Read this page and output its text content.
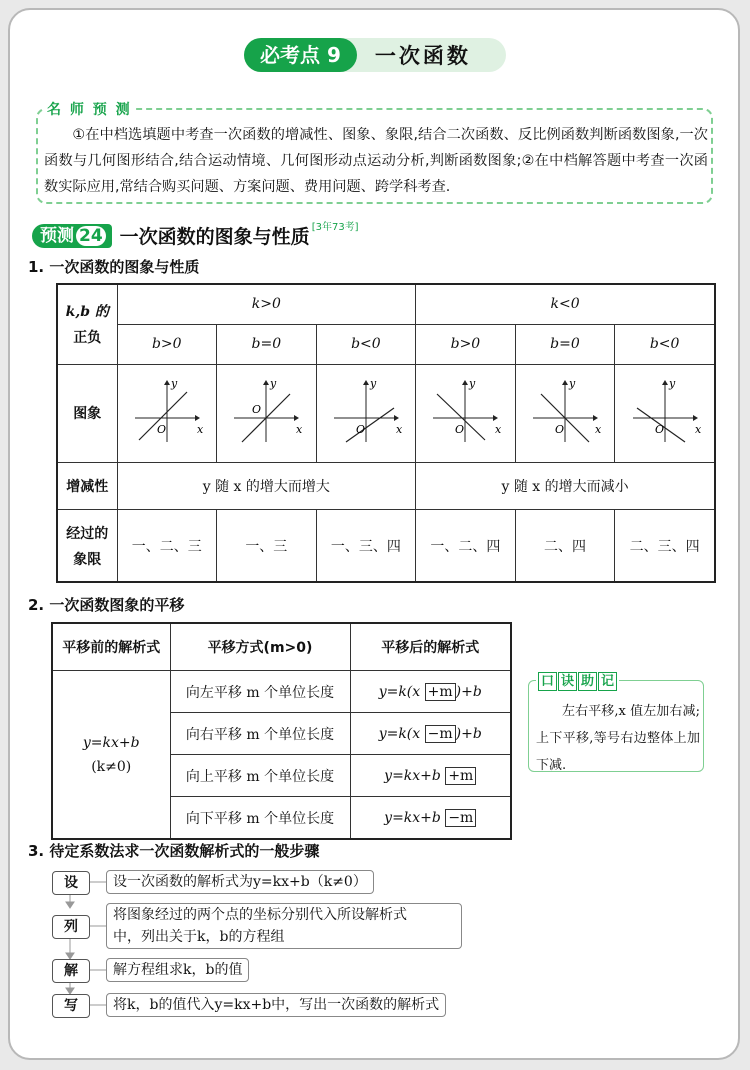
必考点 9	一次函数
名 师 预 测
①在中档选填题中考查一次函数的增减性、图象、象限,结合二次函数、反比例函数判断函数图象,一次函数与几何图形结合,结合运动情境、几何图形动点运动分析,判断函数图象;②在中档解答题中考查一次函数实际应用,常结合购买问题、方案问题、费用问题、跨学科考查.
预测 24 一次函数的图象与性质 [3年73考]
1. 一次函数的图象与性质
k,b 的
正负	k>0			k<0		
	b>0	b=0	b<0	b>0	b=0	b<0
图象	x
y
O	x
y
O	x
y
O	x
y
O	x
y
O	x
y
O

增减性	y 随 x 的增大而增大			y 随 x 的增大而减小		

经过的
象限	一、二、三	一、三	一、三、四	一、二、四	二、四	二、三、四
2. 一次函数图象的平移
平移前的解析式	平移方式(m>0)	平移后的解析式

y=kx+b
(k≠0)	向左平移 m 个单位长度	y=k(x +m )+b
	向右平移 m 个单位长度	y=k(x −m )+b
	向上平移 m 个单位长度	y=kx+b +m
	向下平移 m 个单位长度	y=kx+b −m
口 诀 助 记
左右平移,x 值左加右减;上下平移,等号右边整体上加下减.
3. 待定系数法求一次函数解析式的一般步骤
设	设一次函数的解析式为y=kx+b（k≠0）
列
将图象经过的两个点的坐标分别代入所设解析式
中，列出关于k，b的方程组
解	解方程组求k，b的值
写	将k，b的值代入y=kx+b中，写出一次函数的解析式
